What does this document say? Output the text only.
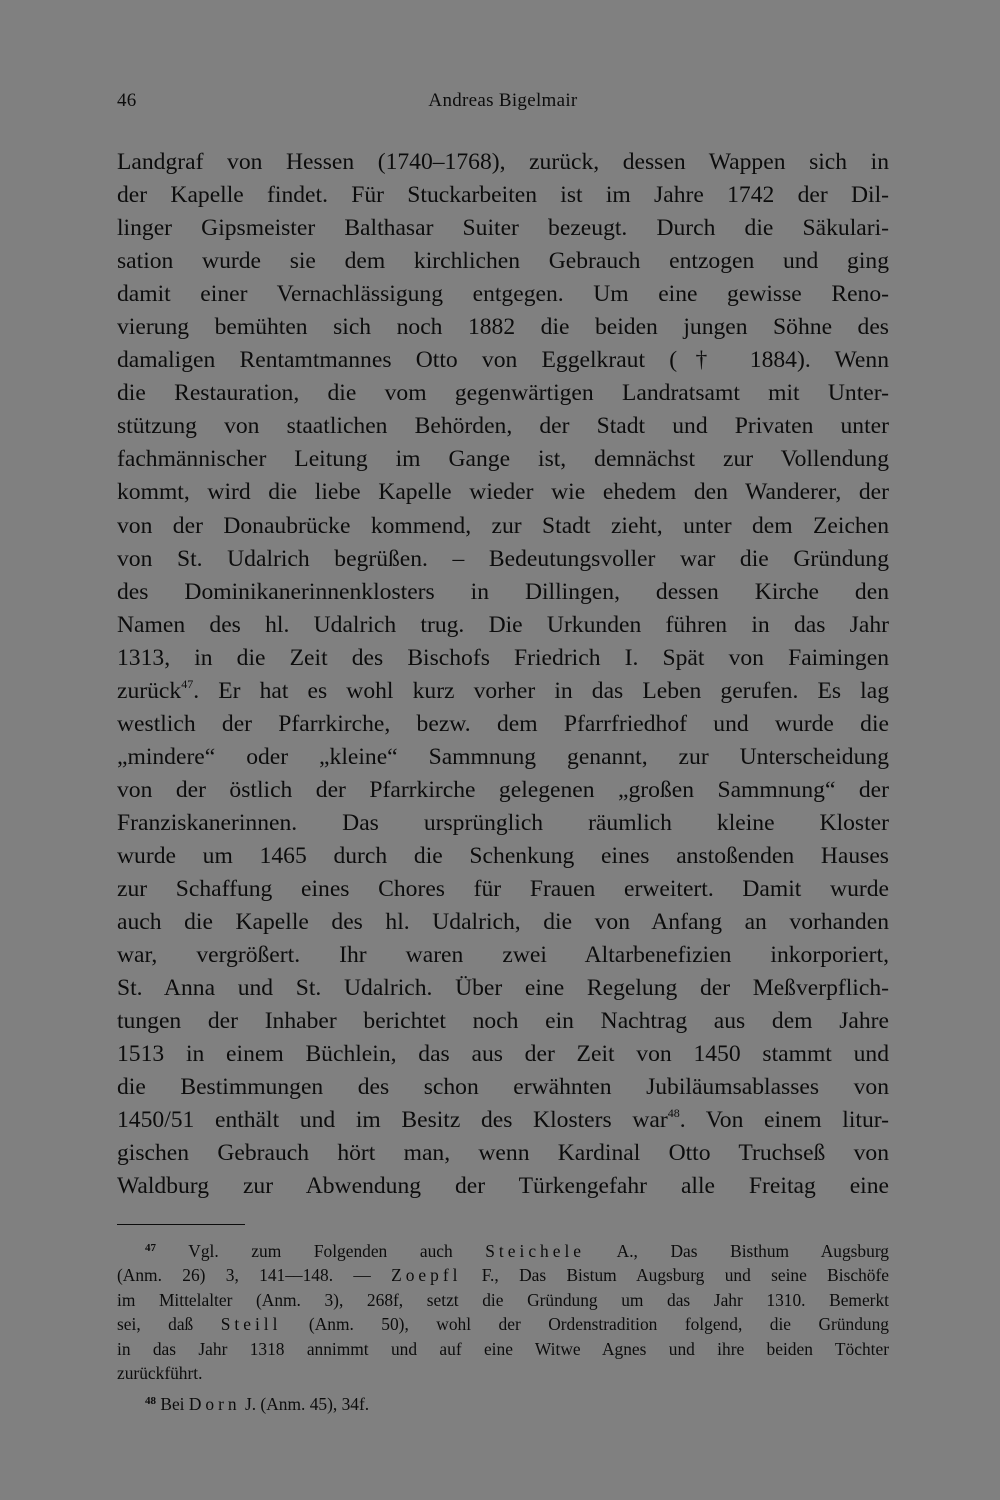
46	Andreas Bigelmair
Landgraf von Hessen (1740–1768), zurück, dessen Wappen sich in
der Kapelle findet. Für Stuckarbeiten ist im Jahre 1742 der Dil-
linger Gipsmeister Balthasar Suiter bezeugt. Durch die Säkulari-
sation wurde sie dem kirchlichen Gebrauch entzogen und ging
damit einer Vernachlässigung entgegen. Um eine gewisse Reno-
vierung bemühten sich noch 1882 die beiden jungen Söhne des
damaligen Rentamtmannes Otto von Eggelkraut († 1884). Wenn
die Restauration, die vom gegenwärtigen Landratsamt mit Unter-
stützung von staatlichen Behörden, der Stadt und Privaten unter
fachmännischer Leitung im Gange ist, demnächst zur Vollendung
kommt, wird die liebe Kapelle wieder wie ehedem den Wanderer, der
von der Donaubrücke kommend, zur Stadt zieht, unter dem Zeichen
von St. Udalrich begrüßen. – Bedeutungsvoller war die Gründung
des Dominikanerinnenklosters in Dillingen, dessen Kirche den
Namen des hl. Udalrich trug. Die Urkunden führen in das Jahr
1313, in die Zeit des Bischofs Friedrich I. Spät von Faimingen
zurück$^{47}$. Er hat es wohl kurz vorher in das Leben gerufen. Es lag
westlich der Pfarrkirche, bezw. dem Pfarrfriedhof und wurde die
„mindere“ oder „kleine“ Sammnung genannt, zur Unterscheidung
von der östlich der Pfarrkirche gelegenen „großen Sammnung“ der
Franziskanerinnen. Das ursprünglich räumlich kleine Kloster
wurde um 1465 durch die Schenkung eines anstoßenden Hauses
zur Schaffung eines Chores für Frauen erweitert. Damit wurde
auch die Kapelle des hl. Udalrich, die von Anfang an vorhanden
war, vergrößert. Ihr waren zwei Altarbenefizien inkorporiert,
St. Anna und St. Udalrich. Über eine Regelung der Meßverpflich-
tungen der Inhaber berichtet noch ein Nachtrag aus dem Jahre
1513 in einem Büchlein, das aus der Zeit von 1450 stammt und
die Bestimmungen des schon erwähnten Jubiläumsablasses von
1450/51 enthält und im Besitz des Klosters war$^{48}$. Von einem litur-
gischen Gebrauch hört man, wenn Kardinal Otto Truchseß von
Waldburg zur Abwendung der Türkengefahr alle Freitag eine
$^{47}$ Vgl. zum Folgenden auch Steichele A., Das Bisthum Augsburg
(Anm. 26) 3, 141––148. — Zoepfl F., Das Bistum Augsburg und seine Bischöfe
im Mittelalter (Anm. 3), 268f, setzt die Gründung um das Jahr 1310. Bemerkt
sei, daß Steill (Anm. 50), wohl der Ordenstradition folgend, die Gründung
in das Jahr 1318 annimmt und auf eine Witwe Agnes und ihre beiden Töchter
zurückführt.
$^{48}$ Bei Dorn J. (Anm. 45), 34f.
